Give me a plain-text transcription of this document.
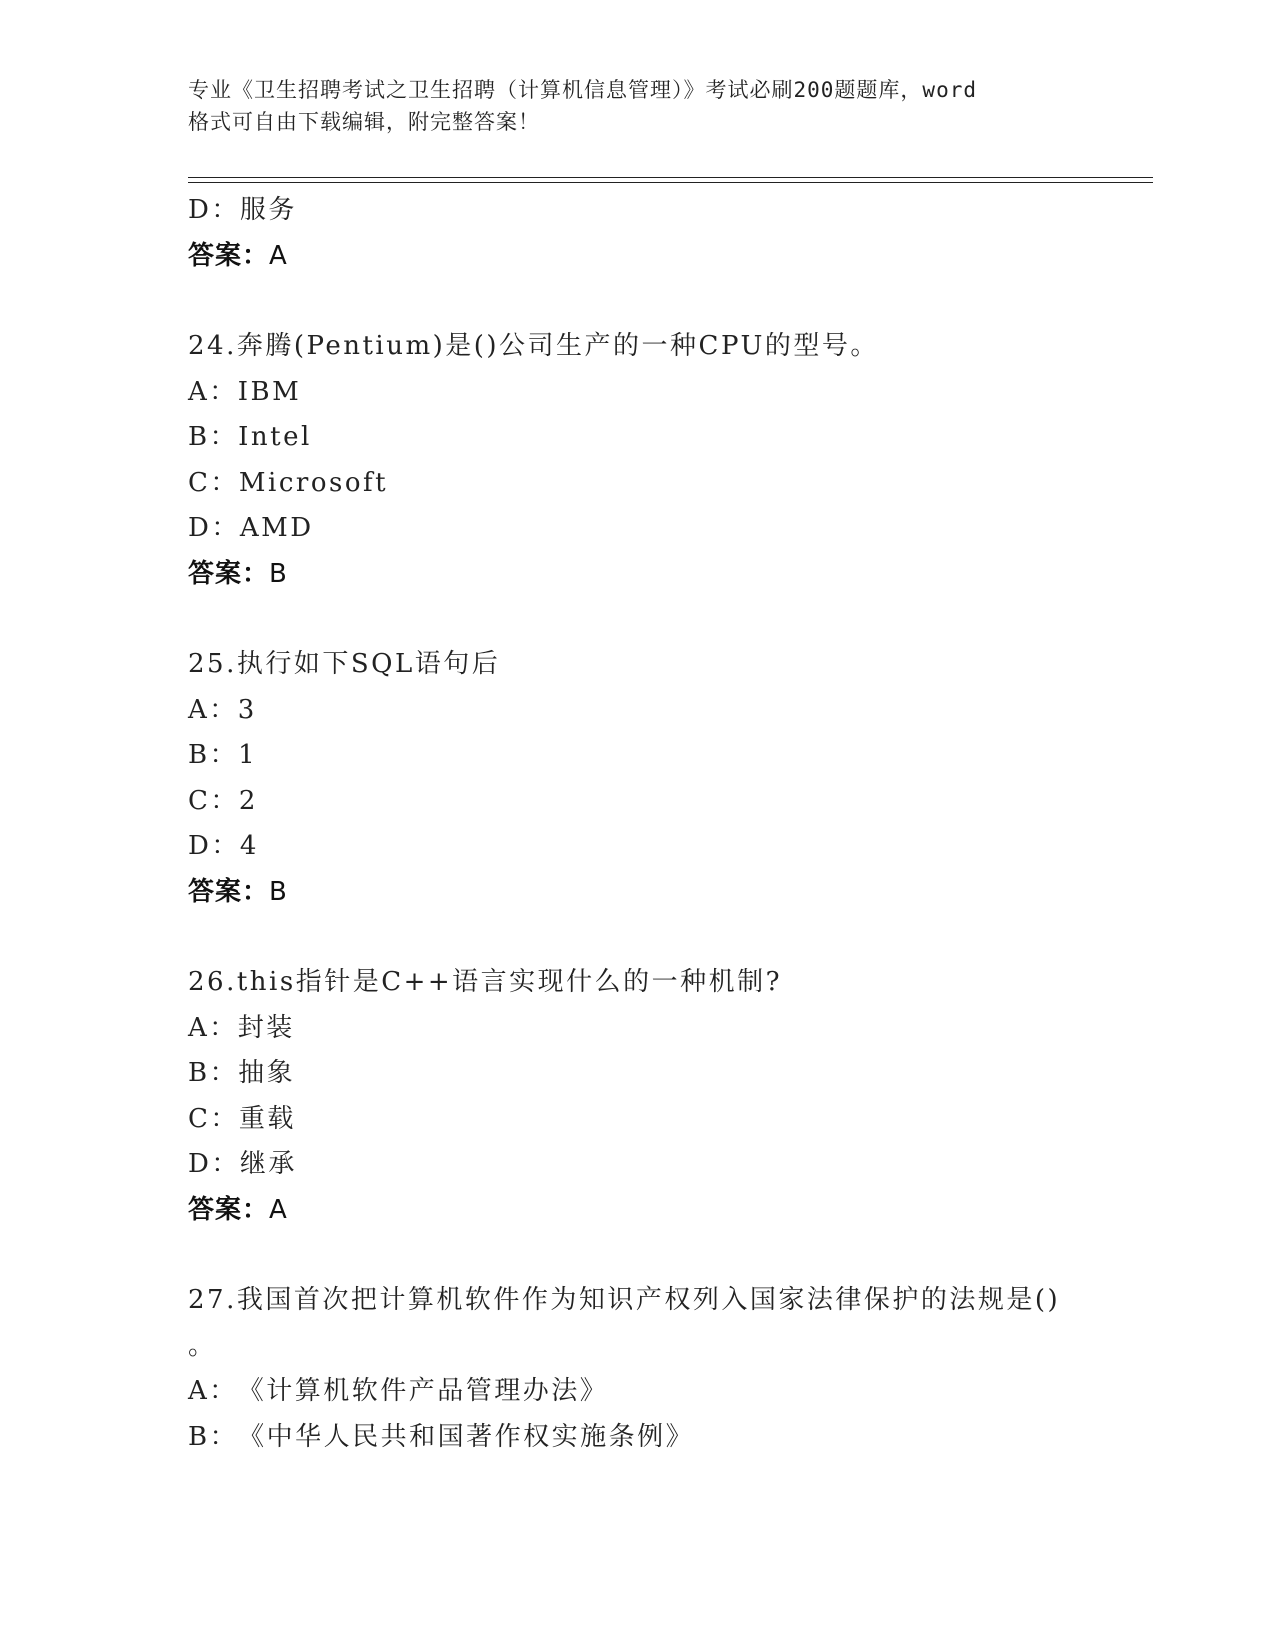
专业《卫生招聘考试之卫生招聘（计算机信息管理）》考试必刷200题题库，word
格式可自由下载编辑，附完整答案！
D：服务
答案：A
24.奔腾(Pentium)是()公司生产的一种CPU的型号。
A：IBM
B：Intel
C：Microsoft
D：AMD
答案：B
25.执行如下SQL语句后
A：3
B：1
C：2
D：4
答案：B
26.this指针是C++语言实现什么的一种机制?
A：封装
B：抽象
C：重载
D：继承
答案：A
27.我国首次把计算机软件作为知识产权列入国家法律保护的法规是()
。
A：《计算机软件产品管理办法》
B：《中华人民共和国著作权实施条例》
